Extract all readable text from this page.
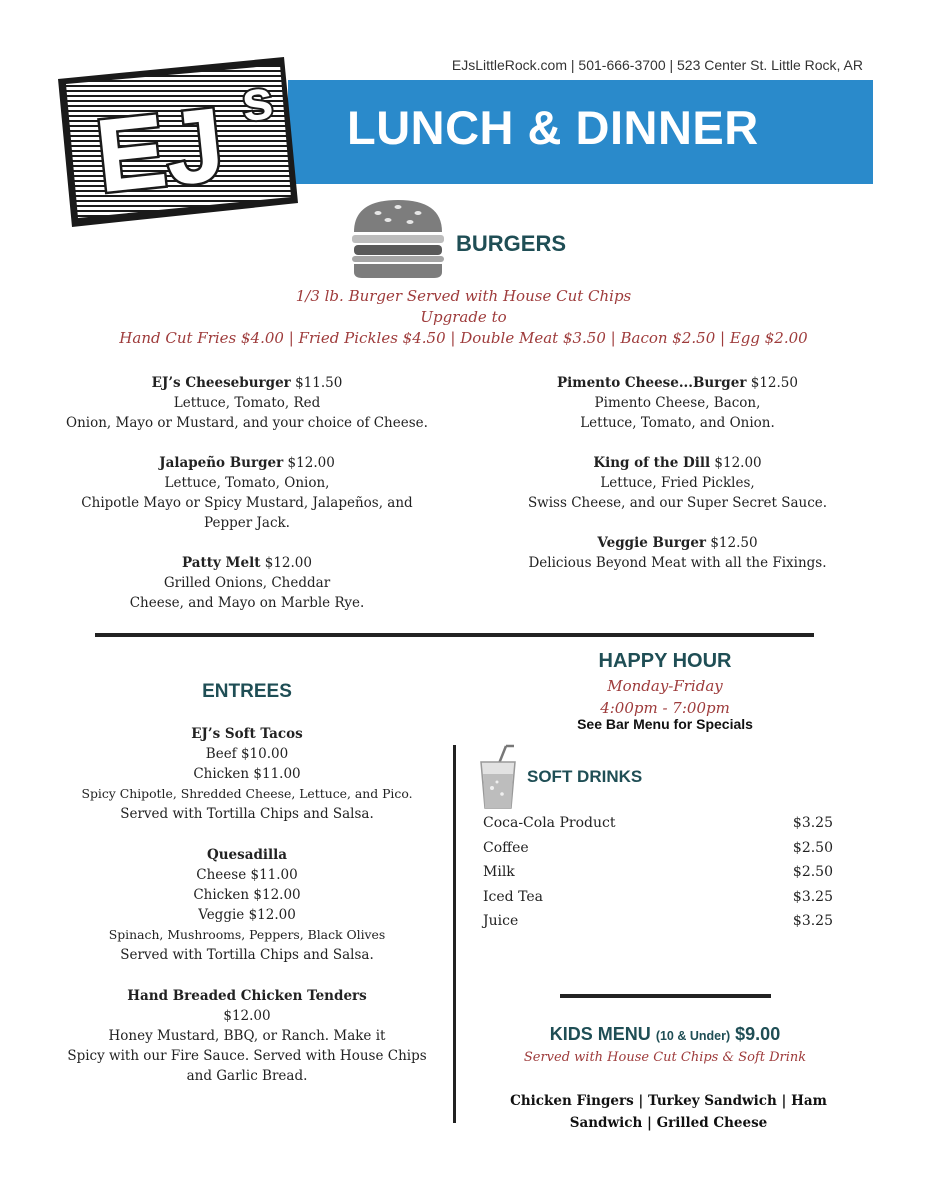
EJsLittleRock.com | 501-666-3700 | 523 Center St. Little Rock, AR
LUNCH & DINNER
EJ s
BURGERS
1/3 lb. Burger Served with House Cut Chips
Upgrade to
Hand Cut Fries $4.00 | Fried Pickles $4.50 | Double Meat $3.50 | Bacon $2.50 | Egg $2.00
EJ’s Cheeseburger $11.50
Lettuce, Tomato, Red
Onion, Mayo or Mustard, and your choice of Cheese.
Jalapeño Burger $12.00
Lettuce, Tomato, Onion,
Chipotle Mayo or Spicy Mustard, Jalapeños, and
Pepper Jack.
Patty Melt $12.00
Grilled Onions, Cheddar
Cheese, and Mayo on Marble Rye.
Pimento Cheese...Burger $12.50
Pimento Cheese, Bacon,
Lettuce, Tomato, and Onion.
King of the Dill $12.00
Lettuce, Fried Pickles,
Swiss Cheese, and our Super Secret Sauce.
Veggie Burger $12.50
Delicious Beyond Meat with all the Fixings.
HAPPY HOUR
Monday-Friday
4:00pm - 7:00pm
See Bar Menu for Specials
ENTREES
EJ’s Soft Tacos
Beef $10.00
Chicken $11.00
Spicy Chipotle, Shredded Cheese, Lettuce, and Pico.
Served with Tortilla Chips and Salsa.
Quesadilla
Cheese $11.00
Chicken $12.00
Veggie $12.00
Spinach, Mushrooms, Peppers, Black Olives
Served with Tortilla Chips and Salsa.
Hand Breaded Chicken Tenders
$12.00
Honey Mustard, BBQ, or Ranch. Make it
Spicy with our Fire Sauce. Served with House Chips
and Garlic Bread.
SOFT DRINKS
Coca-Cola Product	$3.25
Coffee	$2.50
Milk	$2.50
Iced Tea	$3.25
Juice	$3.25
KIDS MENU (10 & Under) $9.00
Served with House Cut Chips & Soft Drink
Chicken Fingers | Turkey Sandwich | Ham
Sandwich | Grilled Cheese
